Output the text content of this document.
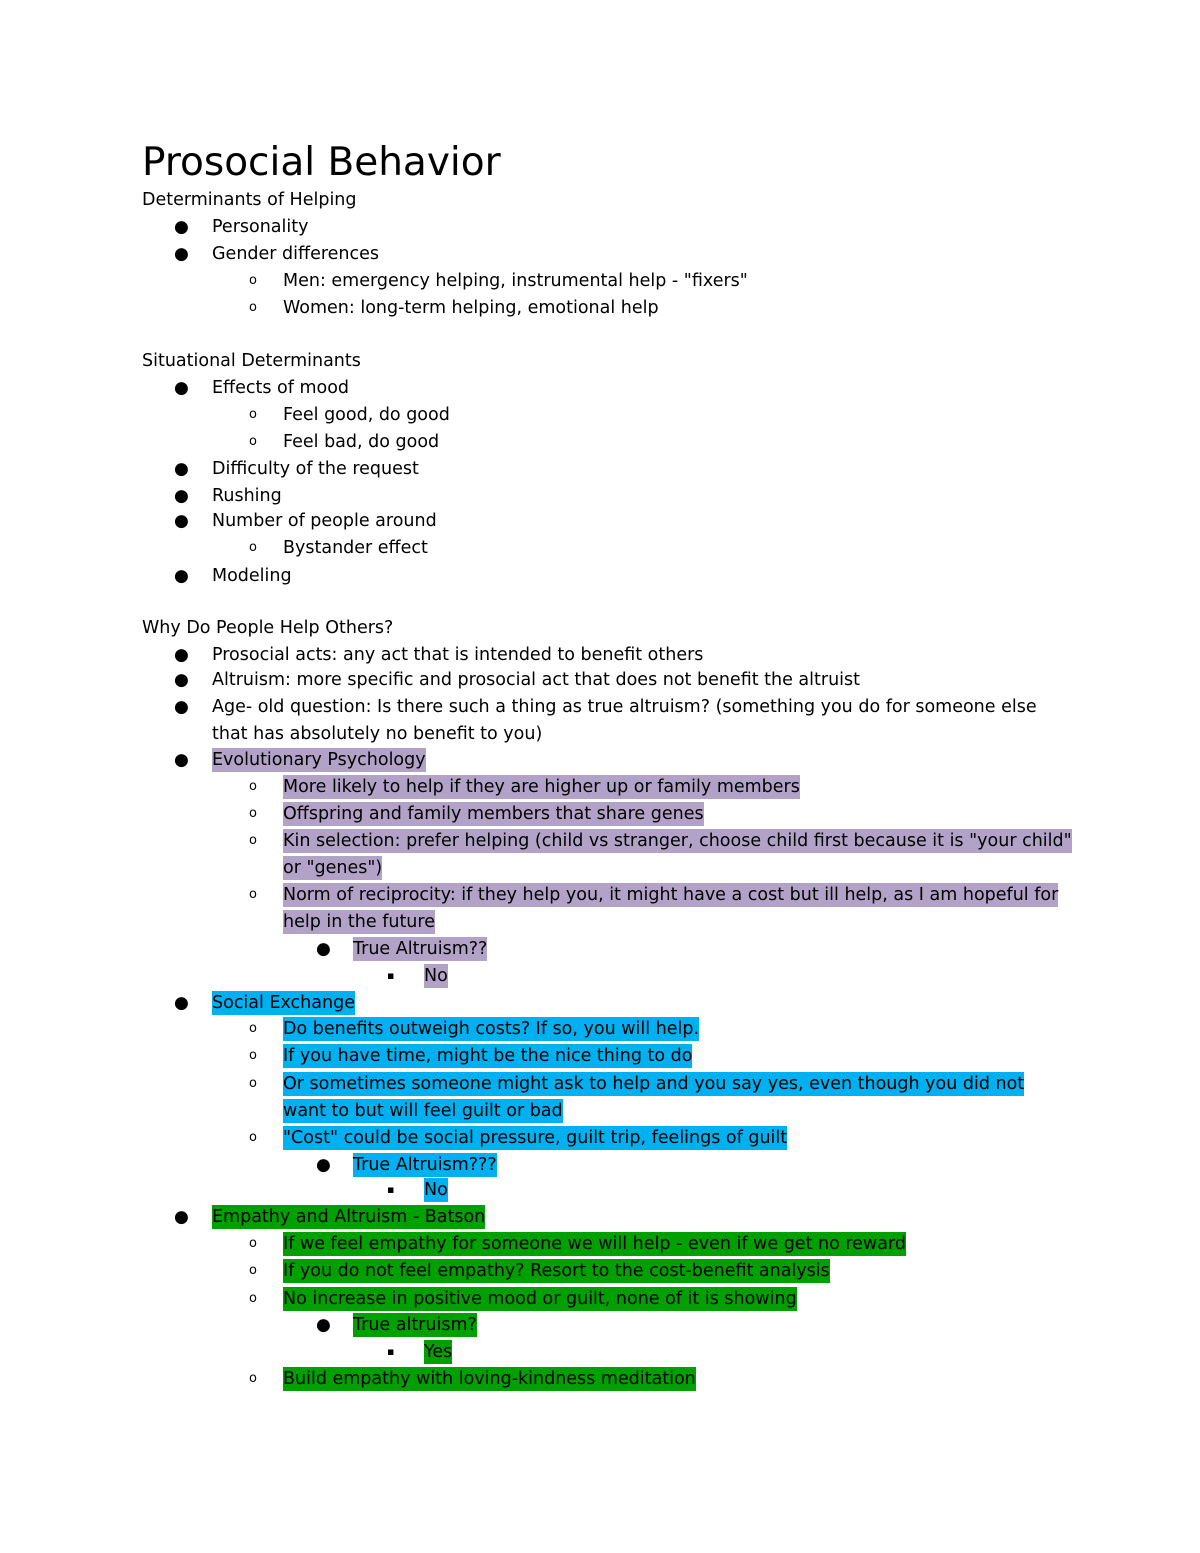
Prosocial Behavior
Determinants of Helping
● Personality
● Gender differences
o Men: emergency helping, instrumental help - "fixers"
o Women: long-term helping, emotional help
Situational Determinants
● Effects of mood
o Feel good, do good
o Feel bad, do good
● Difficulty of the request
● Rushing
● Number of people around
o Bystander effect
● Modeling
Why Do People Help Others?
● Prosocial acts: any act that is intended to benefit others
● Altruism: more specific and prosocial act that does not benefit the altruist
● Age- old question: Is there such a thing as true altruism? (something you do for someone else
that has absolutely no benefit to you)
● Evolutionary Psychology
o More likely to help if they are higher up or family members
o Offspring and family members that share genes
o Kin selection: prefer helping (child vs stranger, choose child first because it is "your child"
or "genes")
o Norm of reciprocity: if they help you, it might have a cost but ill help, as I am hopeful for
help in the future
● True Altruism??
▪ No
● Social Exchange
o Do benefits outweigh costs? If so, you will help.
o If you have time, might be the nice thing to do
o Or sometimes someone might ask to help and you say yes, even though you did not
want to but will feel guilt or bad
o "Cost" could be social pressure, guilt trip, feelings of guilt
● True Altruism???
▪ No
● Empathy and Altruism - Batson
o If we feel empathy for someone we will help - even if we get no reward
o If you do not feel empathy? Resort to the cost-benefit analysis
o No increase in positive mood or guilt, none of it is showing
● True altruism?
▪ Yes
o Build empathy with loving-kindness meditation
